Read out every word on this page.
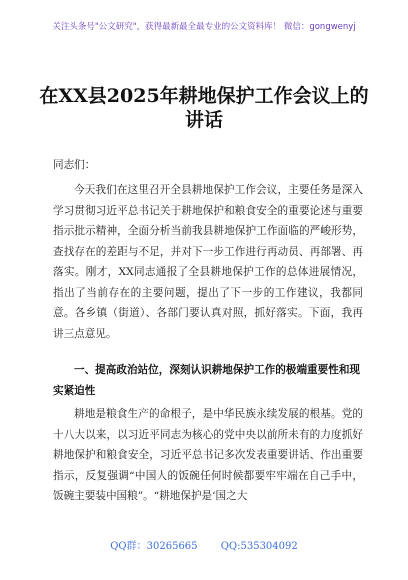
关注头条号"公文研究"，获得最新最全最专业的公文资料库！ 微信：gongwenyj
在XX县2025年耕地保护工作会议上的讲话
同志们：
今天我们在这里召开全县耕地保护工作会议，主要任务是深入学习贯彻习近平总书记关于耕地保护和粮食安全的重要论述与重要指示批示精神，全面分析当前我县耕地保护工作面临的严峻形势，查找存在的差距与不足，并对下一步工作进行再动员、再部署、再落实。刚才，XX同志通报了全县耕地保护工作的总体进展情况，指出了当前存在的主要问题，提出了下一步的工作建议，我都同意。各乡镇（街道）、各部门要认真对照，抓好落实。下面，我再讲三点意见。
一、提高政治站位，深刻认识耕地保护工作的极端重要性和现实紧迫性
耕地是粮食生产的命根子，是中华民族永续发展的根基。党的十八大以来，以习近平同志为核心的党中央以前所未有的力度抓好耕地保护和粮食安全，习近平总书记多次发表重要讲话、作出重要指示，反复强调“中国人的饭碗任何时候都要牢牢端在自己手中，饭碗主要装中国粮”。“耕地保护是‘国之大
QQ群：30265665 QQ:535304092
